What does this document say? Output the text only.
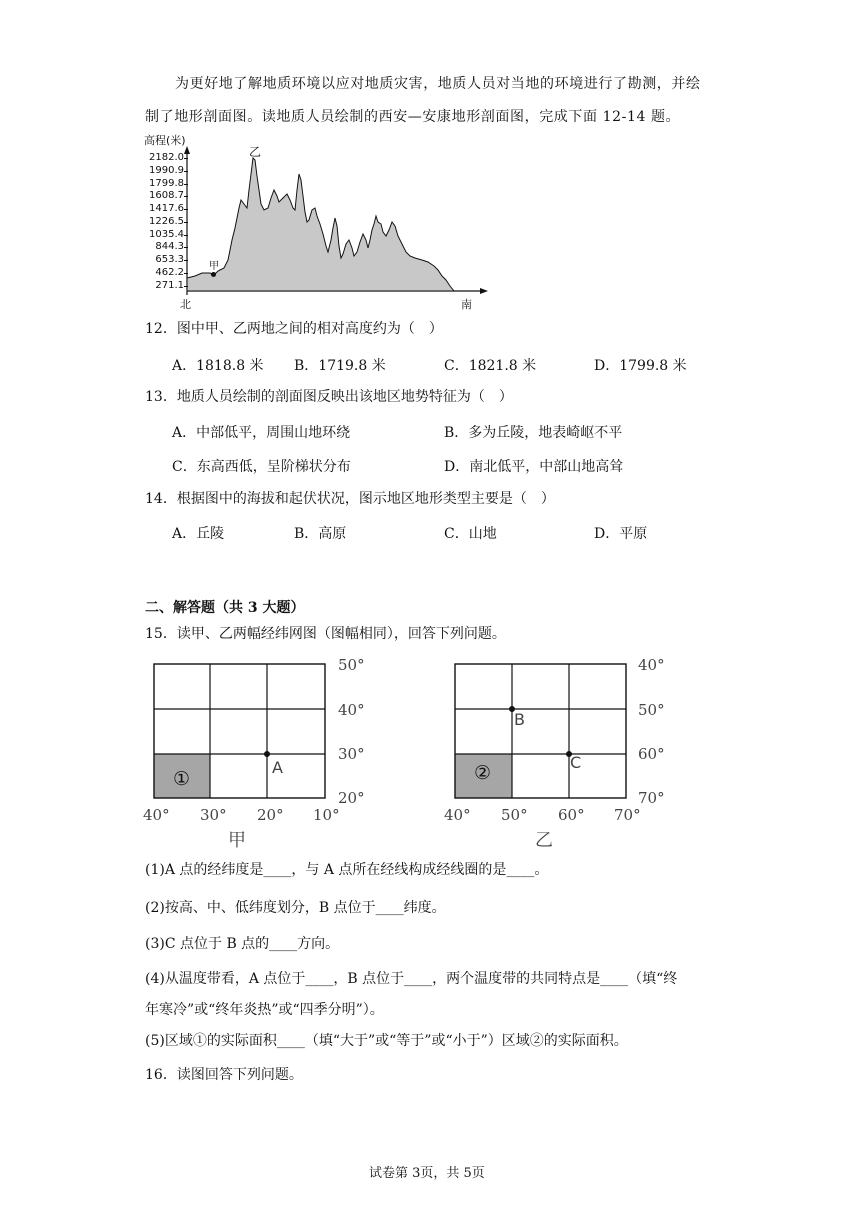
为更好地了解地质环境以应对地质灾害，地质人员对当地的环境进行了勘测，并绘
制了地形剖面图。读地质人员绘制的西安—安康地形剖面图，完成下面 12-14 题。
高程(米)
2182.0
1990.9
1799.8
1608.7
1417.6
1226.5
1035.4
844.3
653.3
462.2
271.1
乙
甲
北	南
12．图中甲、乙两地之间的相对高度约为（　）
A．1818.8 米 B．1719.8 米	C．1821.8 米	D．1799.8 米
13．地质人员绘制的剖面图反映出该地区地势特征为（　）
A．中部低平，周围山地环绕	B．多为丘陵，地表崎岖不平
C．东高西低，呈阶梯状分布	D．南北低平，中部山地高耸
14．根据图中的海拔和起伏状况，图示地区地形类型主要是（　）
A．丘陵	B．高原	C．山地	D．平原
二、解答题（共 3 大题）
15．读甲、乙两幅经纬网图（图幅相同），回答下列问题。
①
A
50°
40°
30°
20°
40° 30° 20° 10°
甲
②
B
C
40°
50°
60°
70°
40° 50° 60° 70°
乙
(1)A 点的经纬度是____，与 A 点所在经线构成经线圈的是____。
(2)按高、中、低纬度划分，B 点位于____纬度。
(3)C 点位于 B 点的____方向。
(4)从温度带看，A 点位于____，B 点位于____，两个温度带的共同特点是____（填“终
年寒冷”或“终年炎热”或“四季分明”）。
(5)区域①的实际面积____（填“大于”或“等于”或“小于”）区域②的实际面积。
16．读图回答下列问题。
试卷第 3页，共 5页
